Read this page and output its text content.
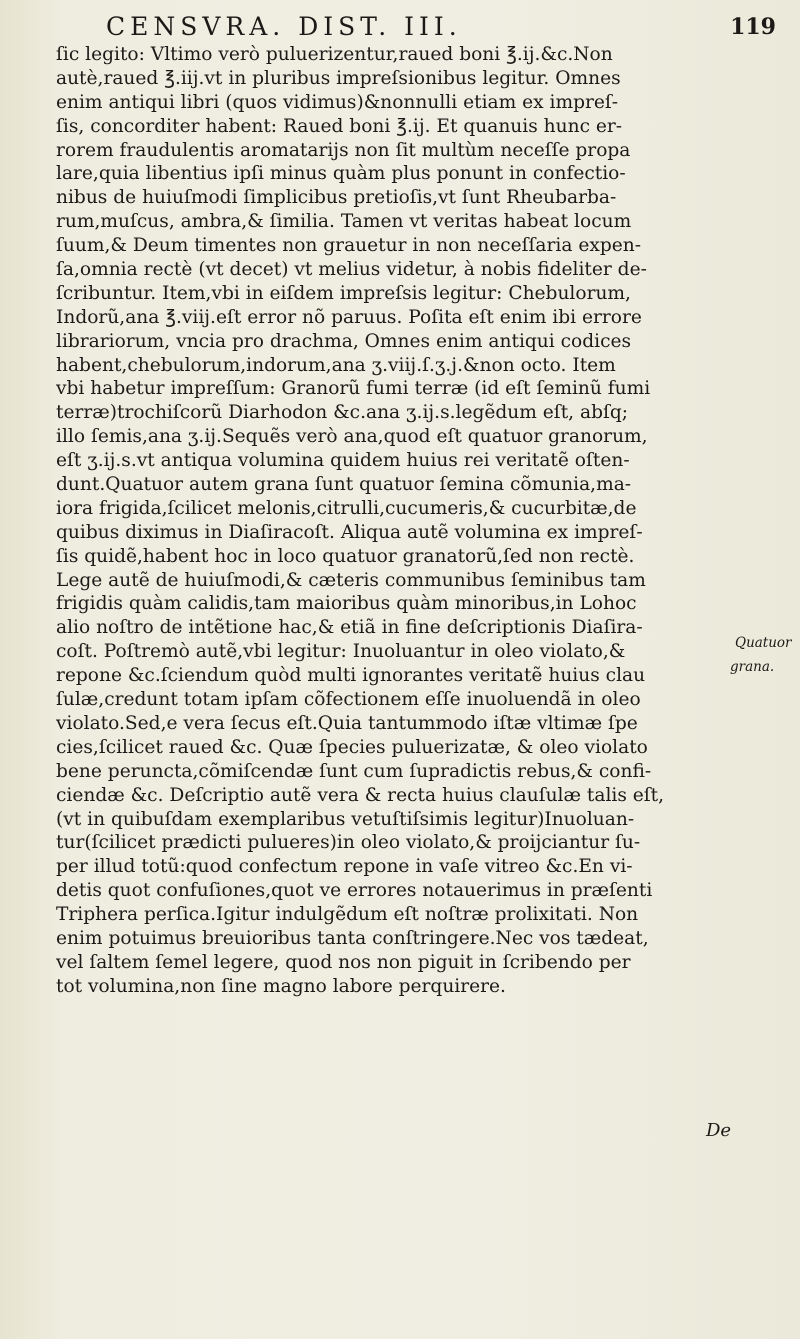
CENSVRA. DIST. III.	119
ſic legito: Vltimo verò puluerizentur,raued boni ℥.ij.&c.Non
autè,raued ℥.iij.vt in pluribus impreſsionibus legitur. Omnes
enim antiqui libri (quos vidimus)&nonnulli etiam ex impreſ-
ſis, concorditer habent: Raued boni ℥.ij. Et quanuis hunc er-
rorem fraudulentis aromatarijs non ſit multùm neceſſe propa
lare,quia libentius ipſi minus quàm plus ponunt in confectio-
nibus de huiuſmodi ſimplicibus pretioſis,vt ſunt Rheubarba-
rum,muſcus, ambra,& ſimilia. Tamen vt veritas habeat locum
ſuum,& Deum timentes non grauetur in non neceſſaria expen-
ſa,omnia rectè (vt decet) vt melius videtur, à nobis fideliter de-
ſcribuntur. Item,vbi in eiſdem impreſsis legitur: Chebulorum,
Indorũ,ana ℥.viij.eſt error nõ paruus. Poſita eſt enim ibi errore
librariorum, vncia pro drachma, Omnes enim antiqui codices
habent,chebulorum,indorum,ana ʒ.viij.ſ.ʒ.j.&non octo. Item
vbi habetur impreſſum: Granorũ fumi terræ (id eſt ſeminũ fumi
terræ)trochiſcorũ Diarhodon &c.ana ʒ.ij.s.legẽdum eſt, abſq;
illo ſemis,ana ʒ.ij.Sequẽs verò ana,quod eſt quatuor granorum,
eſt ʒ.ij.s.vt antiqua volumina quidem huius rei veritatẽ oſten-
dunt.Quatuor autem grana ſunt quatuor ſemina cõmunia,ma-
iora frigida,ſcilicet melonis,citrulli,cucumeris,& cucurbitæ,de
quibus diximus in Diaſiracoſt. Aliqua autẽ volumina ex impreſ-
ſis quidẽ,habent hoc in loco quatuor granatorũ,ſed non rectè.
Lege autẽ de huiuſmodi,& cæteris communibus ſeminibus tam
frigidis quàm calidis,tam maioribus quàm minoribus,in Lohoc
alio noſtro de intẽtione hac,& etiã in fine deſcriptionis Diaſira-
coſt. Poſtremò autẽ,vbi legitur: Inuoluantur in oleo violato,&
repone &c.ſciendum quòd multi ignorantes veritatẽ huius clau
ſulæ,credunt totam ipſam cõfectionem eſſe inuoluendã in oleo
violato.Sed,e vera ſecus eſt.Quia tantummodo iſtæ vltimæ ſpe
cies,ſcilicet raued &c. Quæ ſpecies puluerizatæ, & oleo violato
bene peruncta,cõmiſcendæ ſunt cum ſupradictis rebus,& confi-
ciendæ &c. Deſcriptio autẽ vera & recta huius clauſulæ talis eſt,
(vt in quibuſdam exemplaribus vetuſtiſsimis legitur)Inuoluan-
tur(ſcilicet prædicti pulueres)in oleo violato,& proijciantur ſu-
per illud totũ:quod confectum repone in vaſe vitreo &c.En vi-
detis quot confuſiones,quot ve errores notauerimus in præſenti
Triphera perſica.Igitur indulgẽdum eſt noſtræ prolixitati. Non
enim potuimus breuioribus tanta conſtringere.Nec vos tædeat,
vel ſaltem ſemel legere, quod nos non piguit in ſcribendo per
tot volumina,non ſine magno labore perquirere.
Quatuor
grana.
De
